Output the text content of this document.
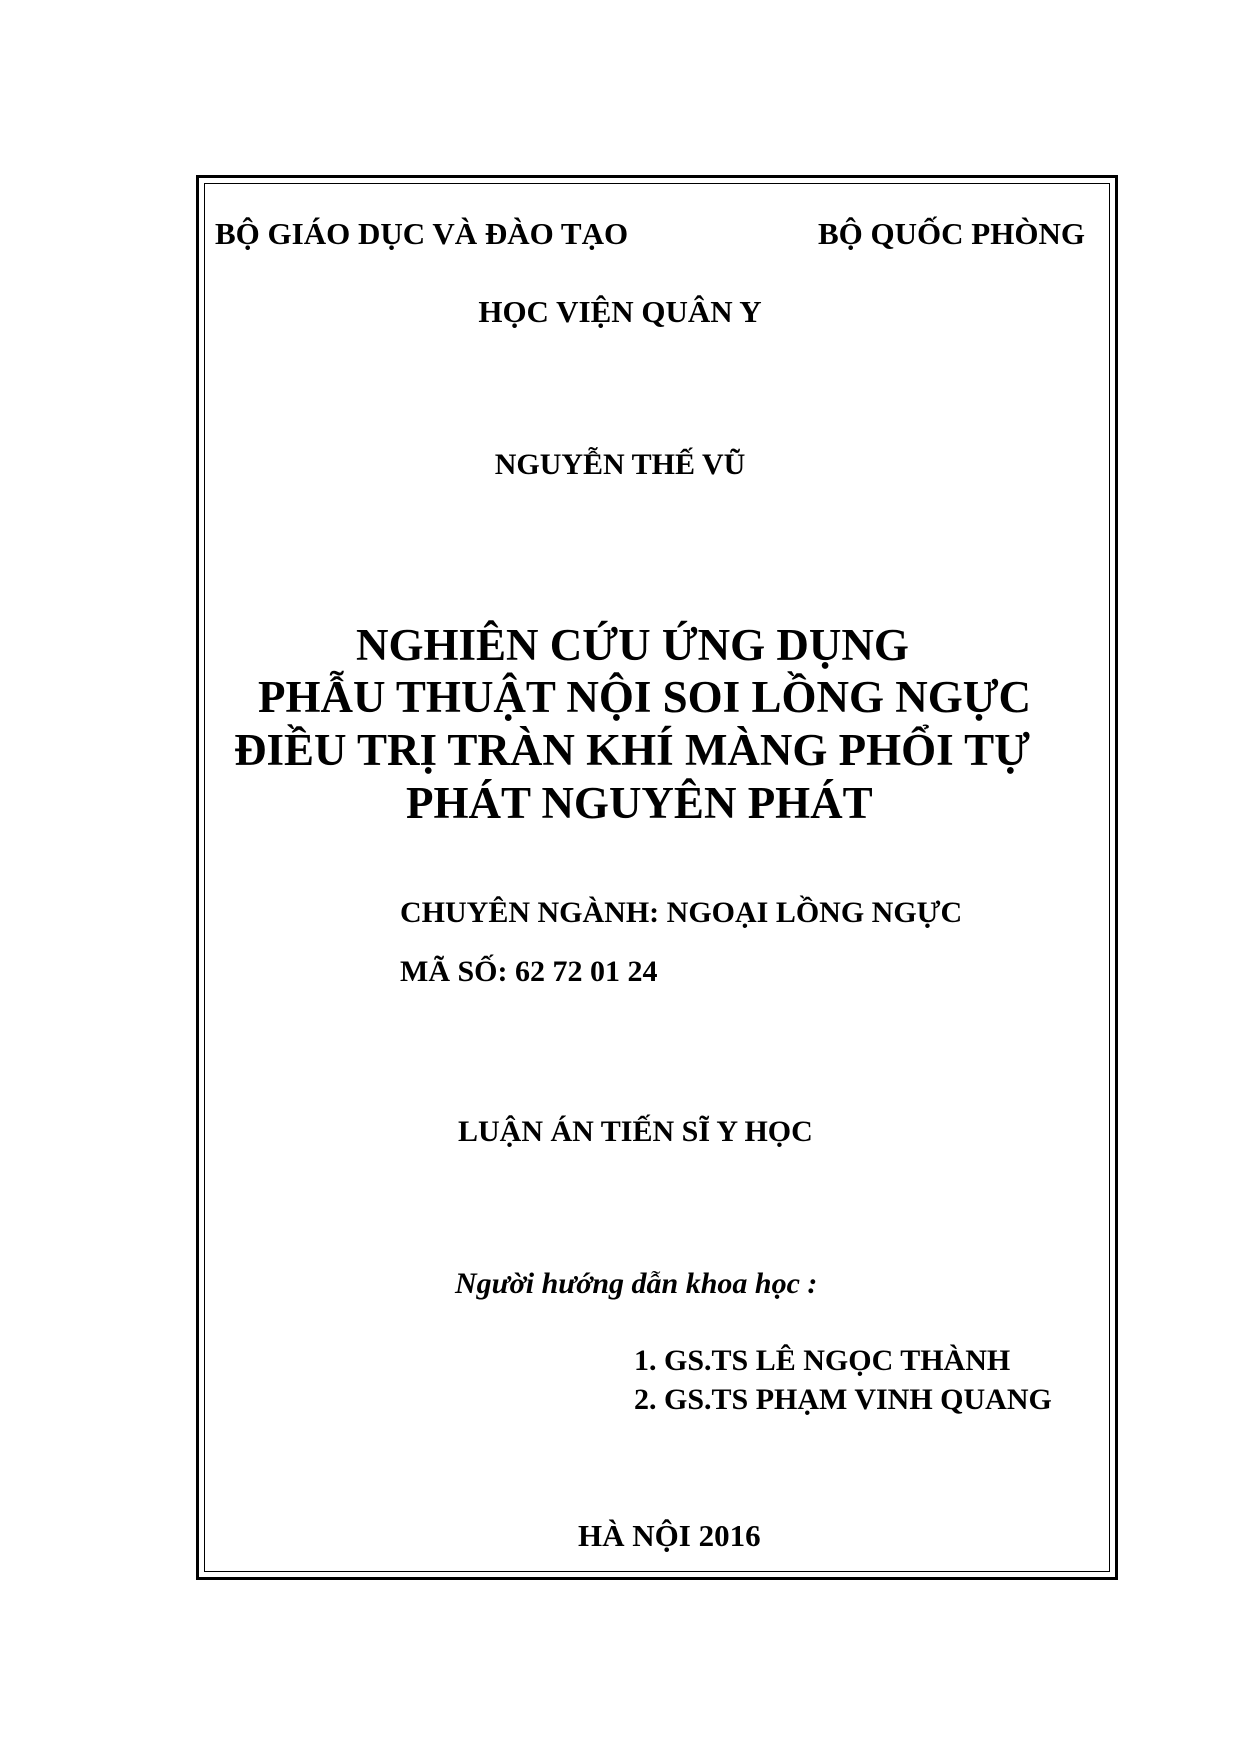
BỘ GIÁO DỤC VÀ ĐÀO TẠO	BỘ QUỐC PHÒNG

HỌC VIỆN QUÂN Y

NGUYỄN THẾ VŨ

NGHIÊN CỨU ỨNG DỤNG

PHẪU THUẬT NỘI SOI LỒNG NGỰC

ĐIỀU TRỊ TRÀN KHÍ MÀNG PHỔI TỰ

PHÁT NGUYÊN PHÁT

CHUYÊN NGÀNH: NGOẠI LỒNG NGỰC

MÃ SỐ: 62 72 01 24

LUẬN ÁN TIẾN SĨ Y HỌC

Người hướng dẫn khoa học :

1. GS.TS LÊ NGỌC THÀNH

2. GS.TS PHẠM VINH QUANG

HÀ NỘI 2016
